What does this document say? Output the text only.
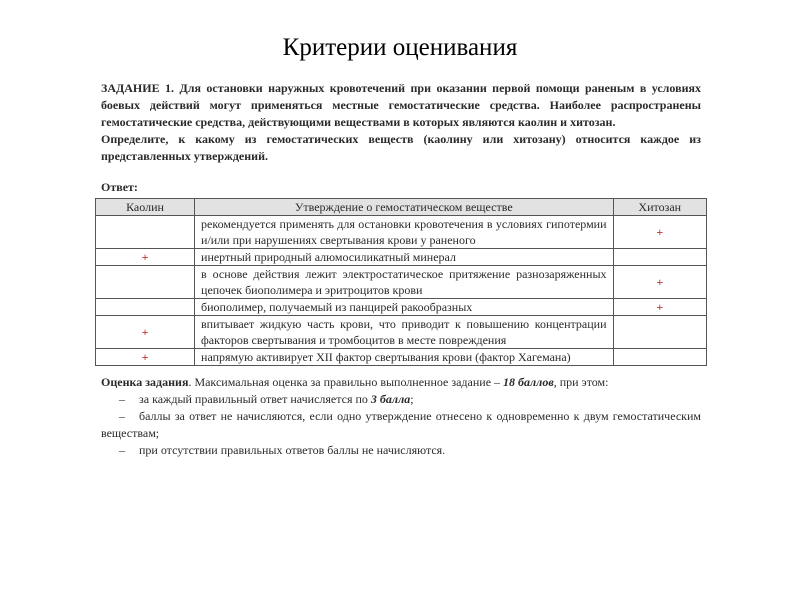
Критерии оценивания

ЗАДАНИЕ 1. Для остановки наружных кровотечений при оказании первой помощи раненым в условиях боевых действий могут применяться местные гемостатические средства. Наиболее распространены гемостатические средства, действующими веществами в которых являются каолин и хитозан.

Определите, к какому из гемостатических веществ (каолину или хитозану) относится каждое из представленных утверждений.

Ответ:
Каолин	Утверждение о гемостатическом веществе	Хитозан
	рекомендуется применять для остановки кровотечения в условиях гипотермии и/или при нарушениях свертывания крови у раненого	+
+	инертный природный алюмосиликатный минерал	
	в основе действия лежит электростатическое притяжение разнозаряженных цепочек биополимера и эритроцитов крови	+
	биополимер, получаемый из панцирей ракообразных	+
+	впитывает жидкую часть крови, что приводит к повышению концентрации факторов свертывания и тромбоцитов в месте повреждения	
+	напрямую активирует XII фактор свертывания крови (фактор Хагемана)	
Оценка задания. Максимальная оценка за правильно выполненное задание – 18 баллов, при этом:
– за каждый правильный ответ начисляется по 3 балла;
– баллы за ответ не начисляются, если одно утверждение отнесено к одновременно к двум гемостатическим веществам;
– при отсутствии правильных ответов баллы не начисляются.
